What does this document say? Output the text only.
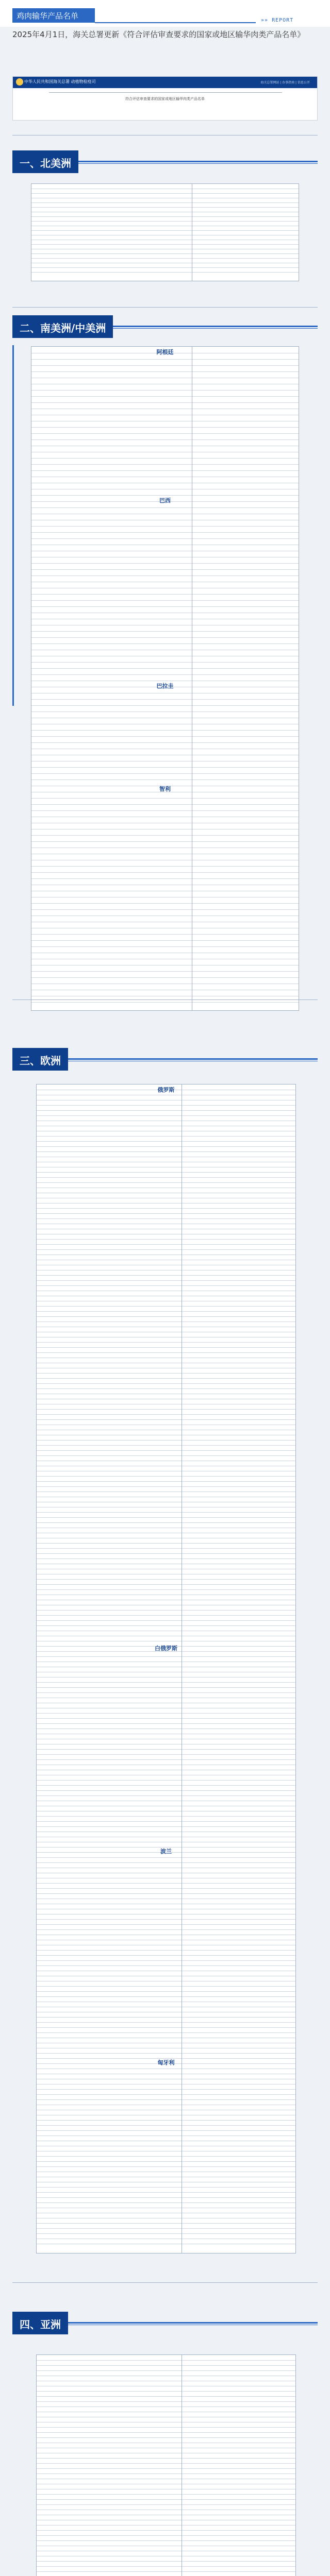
鸡肉输华产品名单	»» REPORT
2025年4月1日，海关总署更新《符合评估审查要求的国家或地区输华肉类产品名单》
中华人民共和国海关总署 动植物检疫司	海关总署网站 | 办事指南 | 信息公开
符合评估审查要求的国家或地区输华肉类产品名单
一、北美洲
二、南美洲/中美洲
阿根廷
巴西
巴拉圭
智利
三、欧洲
俄罗斯
白俄罗斯
波兰
匈牙利
四、亚洲
